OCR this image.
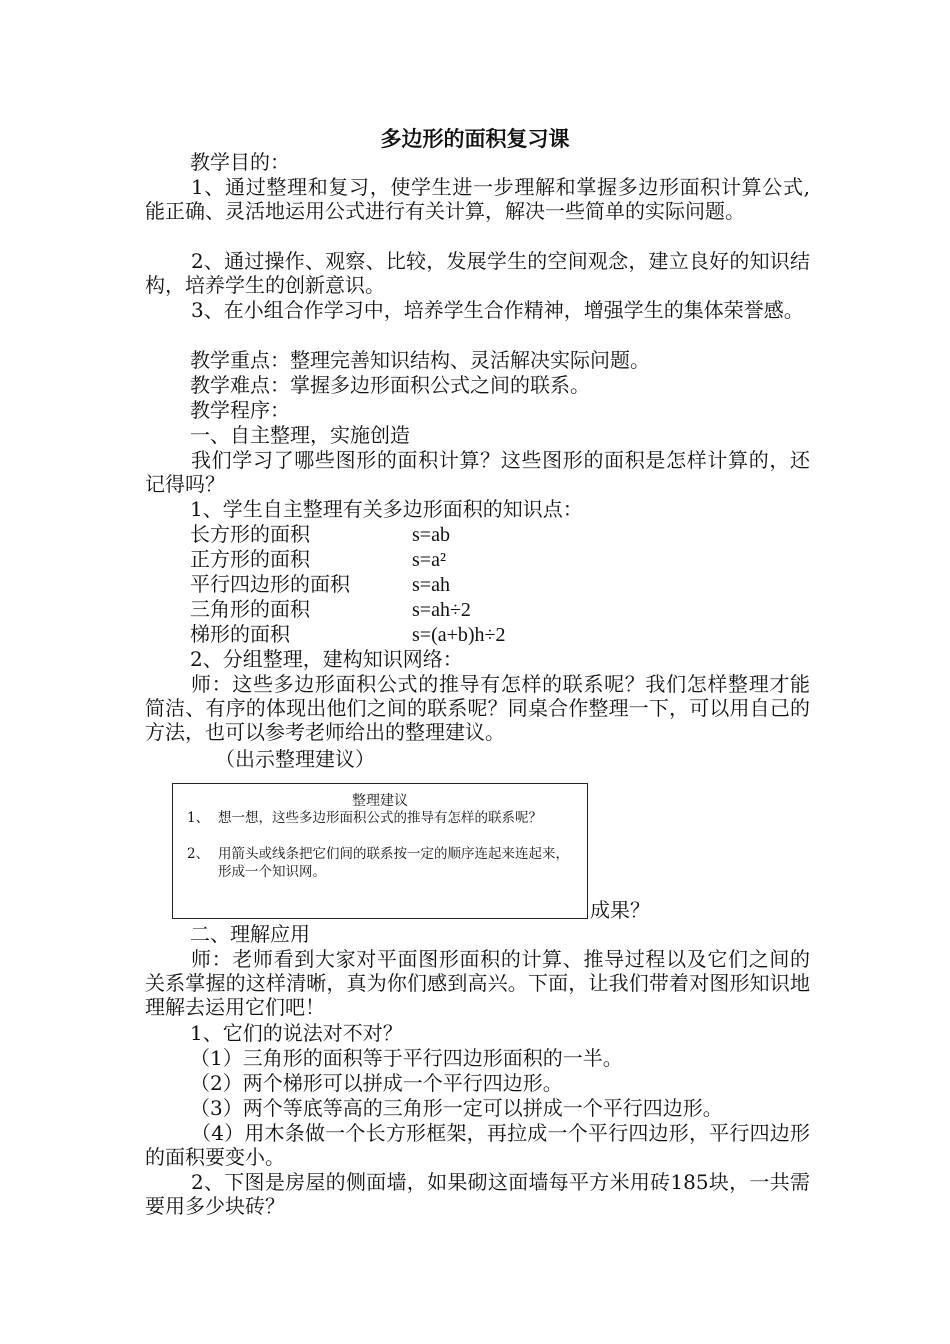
多边形的面积复习课
教学目的：
1、通过整理和复习，使学生进一步理解和掌握多边形面积计算公式,能正确、灵活地运用公式进行有关计算，解决一些简单的实际问题。
2、通过操作、观察、比较，发展学生的空间观念，建立良好的知识结构，培养学生的创新意识。
3、在小组合作学习中，培养学生合作精神，增强学生的集体荣誉感。
教学重点：整理完善知识结构、灵活解决实际问题。
教学难点：掌握多边形面积公式之间的联系。
教学程序：
一、自主整理，实施创造
我们学习了哪些图形的面积计算？这些图形的面积是怎样计算的，还记得吗？
1、学生自主整理有关多边形面积的知识点：
长方形的面积	s=ab
正方形的面积	s=a²
平行四边形的面积	s=ah
三角形的面积	s=ah÷2
梯形的面积	s=(a+b)h÷2
2、分组整理，建构知识网络：
师：这些多边形面积公式的推导有怎样的联系呢？我们怎样整理才能简洁、有序的体现出他们之间的联系呢？同桌合作整理一下，可以用自己的方法，也可以参考老师给出的整理建议。
（出示整理建议）
整理建议
1、 想一想，这些多边形面积公式的推导有怎样的联系呢？
2、 用箭头或线条把它们间的联系按一定的顺序连起来连起来，形成一个知识网。
成果？
二、理解应用
师：老师看到大家对平面图形面积的计算、推导过程以及它们之间的关系掌握的这样清晰，真为你们感到高兴。下面，让我们带着对图形知识地理解去运用它们吧！
1、它们的说法对不对？
（1）三角形的面积等于平行四边形面积的一半。
（2）两个梯形可以拼成一个平行四边形。
（3）两个等底等高的三角形一定可以拼成一个平行四边形。
（4）用木条做一个长方形框架，再拉成一个平行四边形，平行四边形的面积要变小。
2、下图是房屋的侧面墙，如果砌这面墙每平方米用砖185块，一共需要用多少块砖？
